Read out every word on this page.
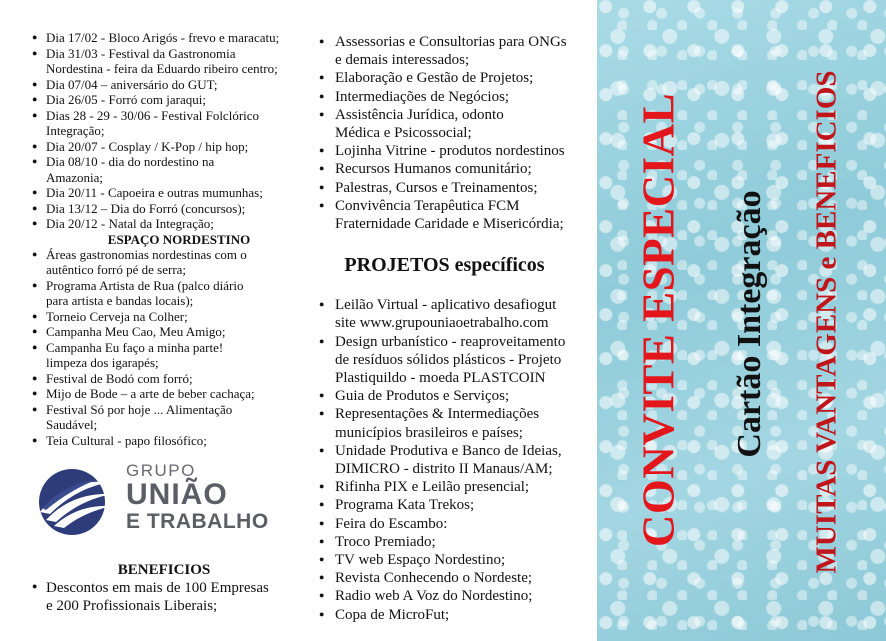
● Dia 17/02 - Bloco Arigós - frevo e maracatu;
● Dia 31/03 - Festival da Gastronomia
Nordestina - feira da Eduardo ribeiro centro;
● Dia 07/04 – aniversário do GUT;
● Dia 26/05 - Forró com jaraqui;
● Dias 28 - 29 - 30/06 - Festival Folclórico
Integração;
● Dia 20/07 - Cosplay / K-Pop / hip hop;
● Dia 08/10 - dia do nordestino na
Amazonia;
● Dia 20/11 - Capoeira e outras mumunhas;
● Dia 13/12 – Dia do Forró (concursos);
● Dia 20/12 - Natal da Integração;
ESPAÇO NORDESTINO
● Áreas gastronomias nordestinas com o
autêntico forró pé de serra;
● Programa Artista de Rua (palco diário
para artista e bandas locais);
● Torneio Cerveja na Colher;
● Campanha Meu Cao, Meu Amigo;
● Campanha Eu faço a minha parte!
limpeza dos igarapés;
● Festival de Bodó com forró;
● Mijo de Bode – a arte de beber cachaça;
● Festival Só por hoje ... Alimentação
Saudável;
● Teia Cultural - papo filosófico;
GRUPO
UNIÃO
E TRABALHO
BENEFICIOS
● Descontos em mais de 100 Empresas
e 200 Profissionais Liberais;
● Assessorias e Consultorias para ONGs
e demais interessados;
● Elaboração e Gestão de Projetos;
● Intermediações de Negócios;
● Assistência Jurídica, odonto
Médica e Psicossocial;
● Lojinha Vitrine - produtos nordestinos
● Recursos Humanos comunitário;
● Palestras, Cursos e Treinamentos;
● Convivência Terapêutica FCM
Fraternidade Caridade e Misericórdia;
PROJETOS específicos
● Leilão Virtual - aplicativo desafiogut
site www.grupouniaoetrabalho.com
● Design urbanístico - reaproveitamento
de resíduos sólidos plásticos - Projeto
Plastiquildo - moeda PLASTCOIN
● Guia de Produtos e Serviços;
● Representações & Intermediações
municípios brasileiros e países;
● Unidade Produtiva e Banco de Ideias,
DIMICRO - distrito II Manaus/AM;
● Rifinha PIX e Leilão presencial;
● Programa Kata Trekos;
● Feira do Escambo:
● Troco Premiado;
● TV web Espaço Nordestino;
● Revista Conhecendo o Nordeste;
● Radio web A Voz do Nordestino;
● Copa de MicroFut;
CONVITE ESPECIAL Cartão Integração MUITAS VANTAGENS e BENEFICIOS
